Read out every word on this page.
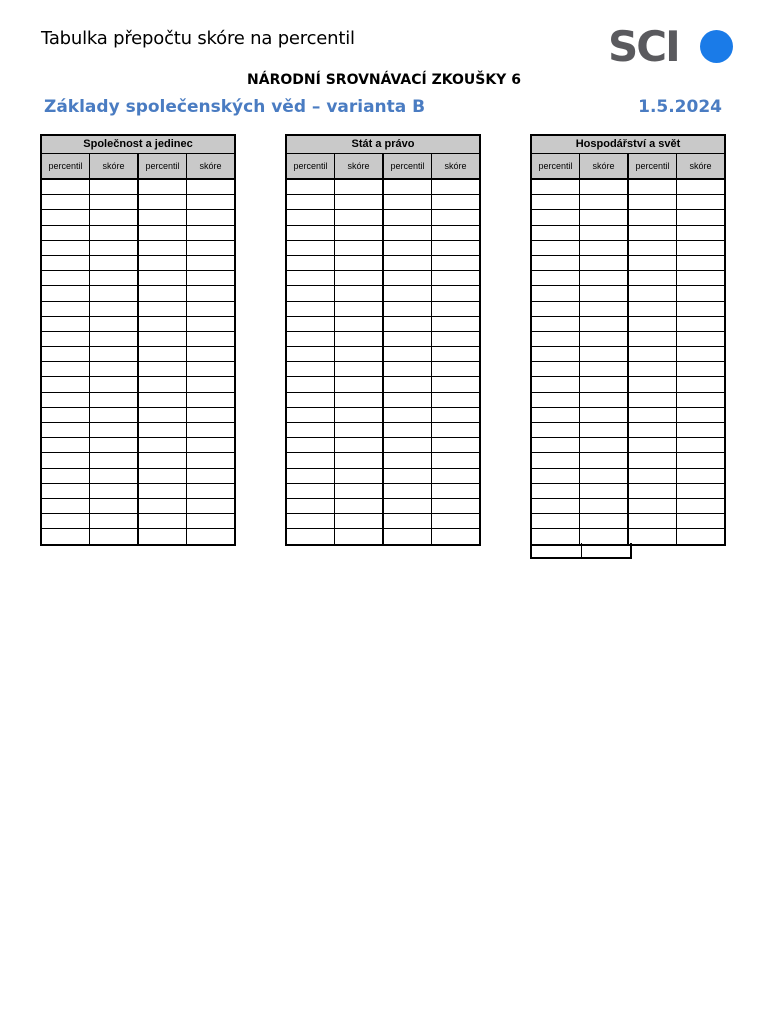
Tabulka přepočtu skóre na percentil	SCI
NÁRODNÍ SROVNÁVACÍ ZKOUŠKY 6
Základy společenských věd – varianta B	1.5.2024
Společnost a jedinec
percentil	skóre	percentil	skóre
Stát a právo
percentil	skóre	percentil	skóre
Hospodářství a svět
percentil	skóre	percentil	skóre
